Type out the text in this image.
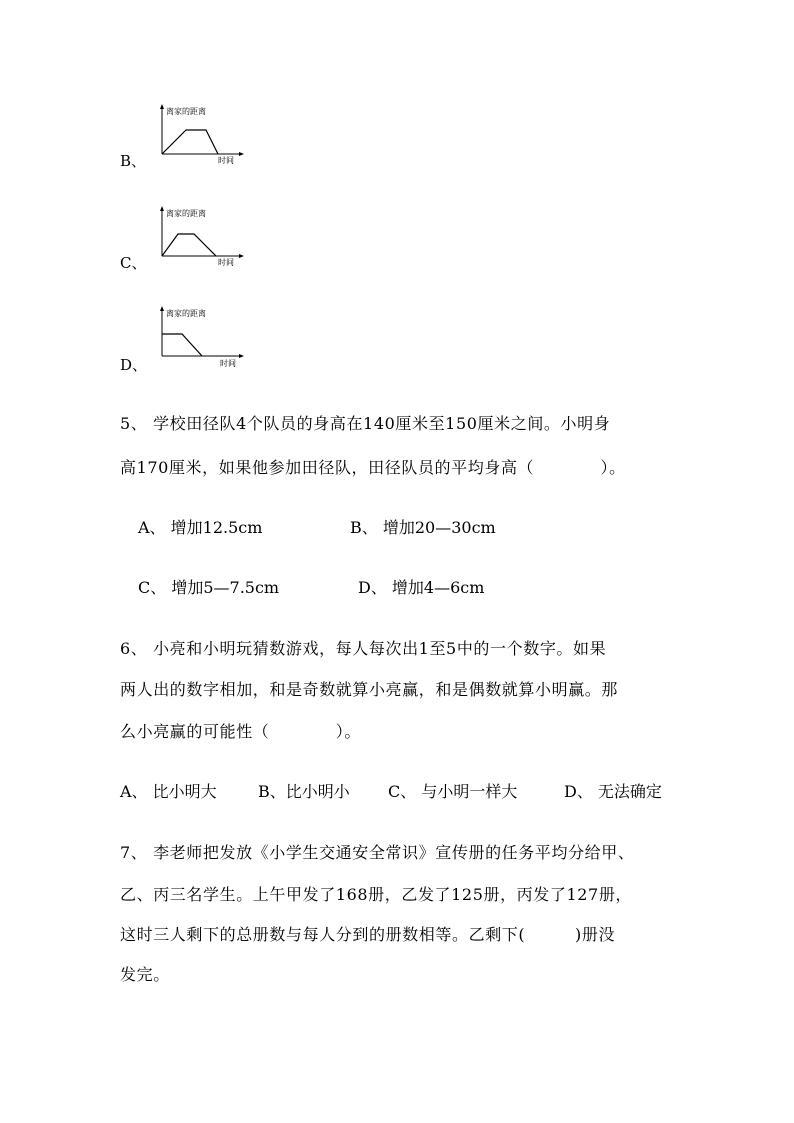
B、
离家的距离
时间
C、
离家的距离
时间
D、
离家的距离
时间
5、 学校田径队4个队员的身高在140厘米至150厘米之间。小明身
高170厘米，如果他参加田径队，田径队员的平均身高（　　　　）。
A、 增加12.5cm	B、 增加20—30cm
C、 增加5—7.5cm	D、 增加4—6cm
6、 小亮和小明玩猜数游戏，每人每次出1至5中的一个数字。如果
两人出的数字相加，和是奇数就算小亮赢，和是偶数就算小明赢。那
么小亮赢的可能性（　　　　）。
A、 比小明大	B、比小明小 C、 与小明一样大	D、 无法确定
7、 李老师把发放《小学生交通安全常识》宣传册的任务平均分给甲、
乙、丙三名学生。上午甲发了168册，乙发了125册，丙发了127册，
这时三人剩下的总册数与每人分到的册数相等。乙剩下(　　　)册没
发完。
